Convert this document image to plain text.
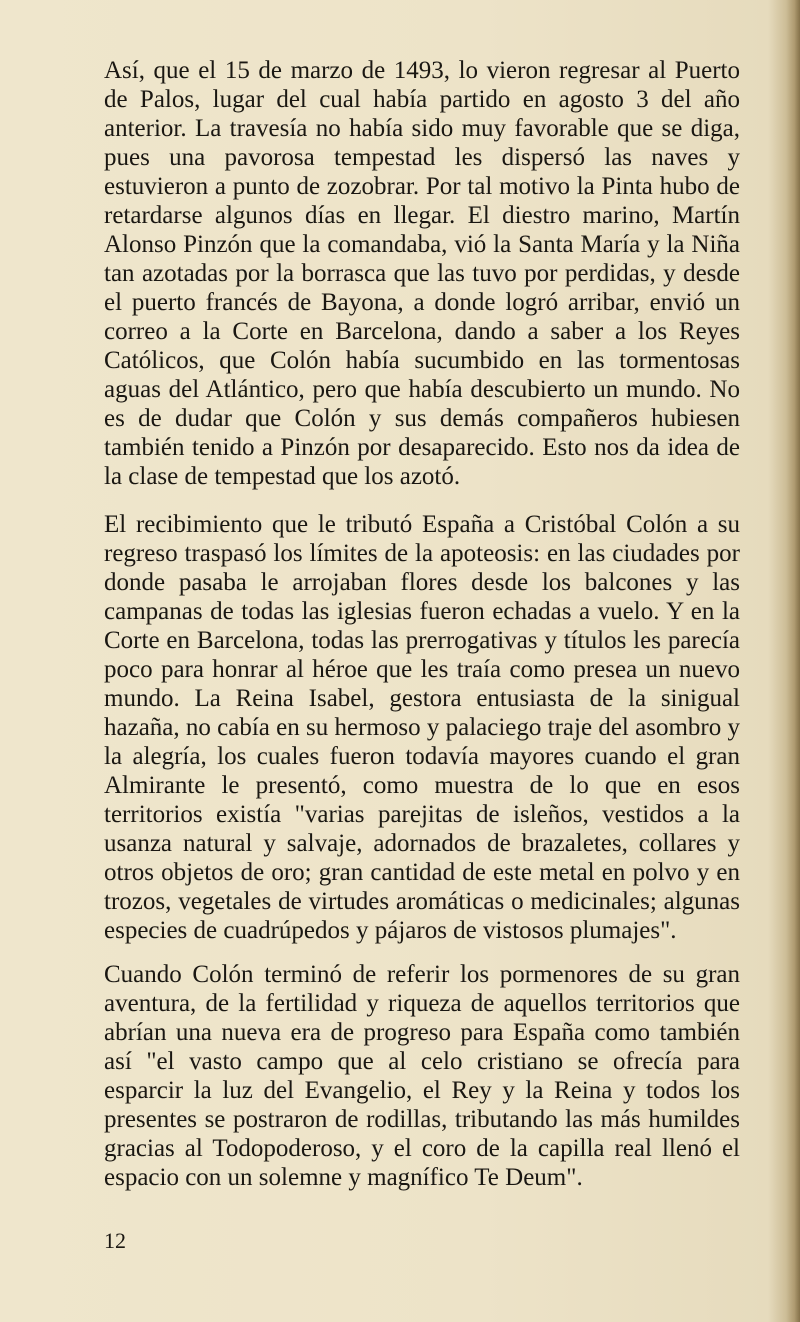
Así, que el 15 de marzo de 1493, lo vieron regresar al Puerto de Palos, lugar del cual había partido en agosto 3 del año anterior. La travesía no había sido muy favorable que se diga, pues una pavorosa tempestad les dispersó las naves y estuvieron a punto de zozobrar. Por tal motivo la Pinta hubo de retardarse algunos días en llegar. El diestro marino, Martín Alonso Pinzón que la comandaba, vió la Santa María y la Niña tan azotadas por la borrasca que las tuvo por perdidas, y desde el puerto francés de Bayona, a donde logró arribar, envió un correo a la Corte en Barcelona, dando a saber a los Reyes Católicos, que Colón había sucumbido en las tormentosas aguas del Atlántico, pero que había descubierto un mundo. No es de dudar que Colón y sus demás compañeros hubiesen también tenido a Pinzón por desaparecido. Esto nos da idea de la clase de tempestad que los azotó.

El recibimiento que le tributó España a Cristóbal Colón a su regreso traspasó los límites de la apoteosis: en las ciudades por donde pasaba le arrojaban flores desde los balcones y las campanas de todas las iglesias fueron echadas a vuelo. Y en la Corte en Barcelona, todas las prerrogativas y títulos les parecía poco para honrar al héroe que les traía como presea un nuevo mundo. La Reina Isabel, gestora entusiasta de la sinigual hazaña, no cabía en su hermoso y palaciego traje del asombro y la alegría, los cuales fueron todavía mayores cuando el gran Almirante le presentó, como muestra de lo que en esos territorios existía "varias parejitas de isleños, vestidos a la usanza natural y salvaje, adornados de brazaletes, collares y otros objetos de oro; gran cantidad de este metal en polvo y en trozos, vegetales de virtudes aromáticas o medicinales; algunas especies de cuadrúpedos y pájaros de vistosos plumajes".

Cuando Colón terminó de referir los pormenores de su gran aventura, de la fertilidad y riqueza de aquellos territorios que abrían una nueva era de progreso para España como también así "el vasto campo que al celo cristiano se ofrecía para esparcir la luz del Evangelio, el Rey y la Reina y todos los presentes se postraron de rodillas, tributando las más humildes gracias al Todopoderoso, y el coro de la capilla real llenó el espacio con un solemne y magnífico Te Deum".

12
